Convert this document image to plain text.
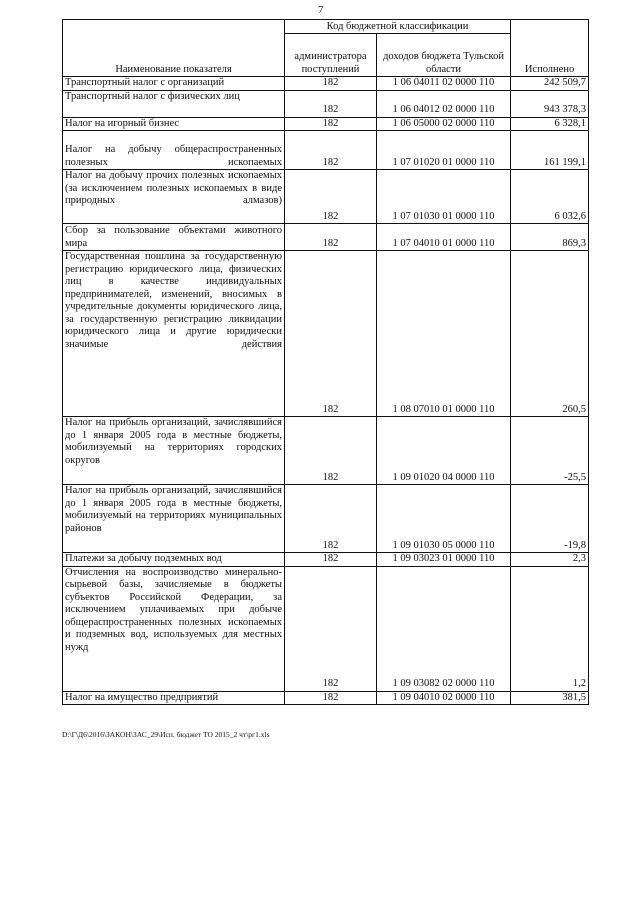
7
Наименование показателя	Код бюджетной классификации		Исполнено
	администратора поступлений	доходов бюджета Тульской области	
Транспортный налог с организаций	182	1 06 04011 02 0000 110	242 509,7
Транспортный налог с физических лиц	182	1 06 04012 02 0000 110	943 378,3
Налог на игорный бизнес	182	1 06 05000 02 0000 110	6 328,1
Налог на добычу общераспространенных полезных ископаемых	182	1 07 01020 01 0000 110	161 199,1
Налог на добычу прочих полезных ископаемых (за исключением полезных ископаемых в виде природных алмазов)	182	1 07 01030 01 0000 110	6 032,6
Сбор за пользование объектами животного мира	182	1 07 04010 01 0000 110	869,3
Государственная пошлина за государственную регистрацию юридического лица, физических лиц в качестве индивидуальных предпринимателей, изменений, вносимых в учредительные документы юридического лица, за государственную регистрацию ликвидации юридического лица и другие юридически значимые действия	182	1 08 07010 01 0000 110	260,5
Налог на прибыль организаций, зачислявшийся до 1 января 2005 года в местные бюджеты, мобилизуемый на территориях городских округов	182	1 09 01020 04 0000 110	-25,5
Налог на прибыль организаций, зачислявшийся до 1 января 2005 года в местные бюджеты, мобилизуемый на территориях муниципальных районов	182	1 09 01030 05 0000 110	-19,8
Платежи за добычу подземных вод	182	1 09 03023 01 0000 110	2,3
Отчисления на воспроизводство минерально-сырьевой базы, зачисляемые в бюджеты субъектов Российской Федерации, за исключением уплачиваемых при добыче общераспространенных полезных ископаемых и подземных вод, используемых для местных нужд	182	1 09 03082 02 0000 110	1,2
Налог на имущество предприятий	182	1 09 04010 02 0000 110	381,5
D:\Г\Д6\2016\ЗАКОН\ЗАС_29\Исп. бюджет ТО 2015_2 чт\рг1.xls
